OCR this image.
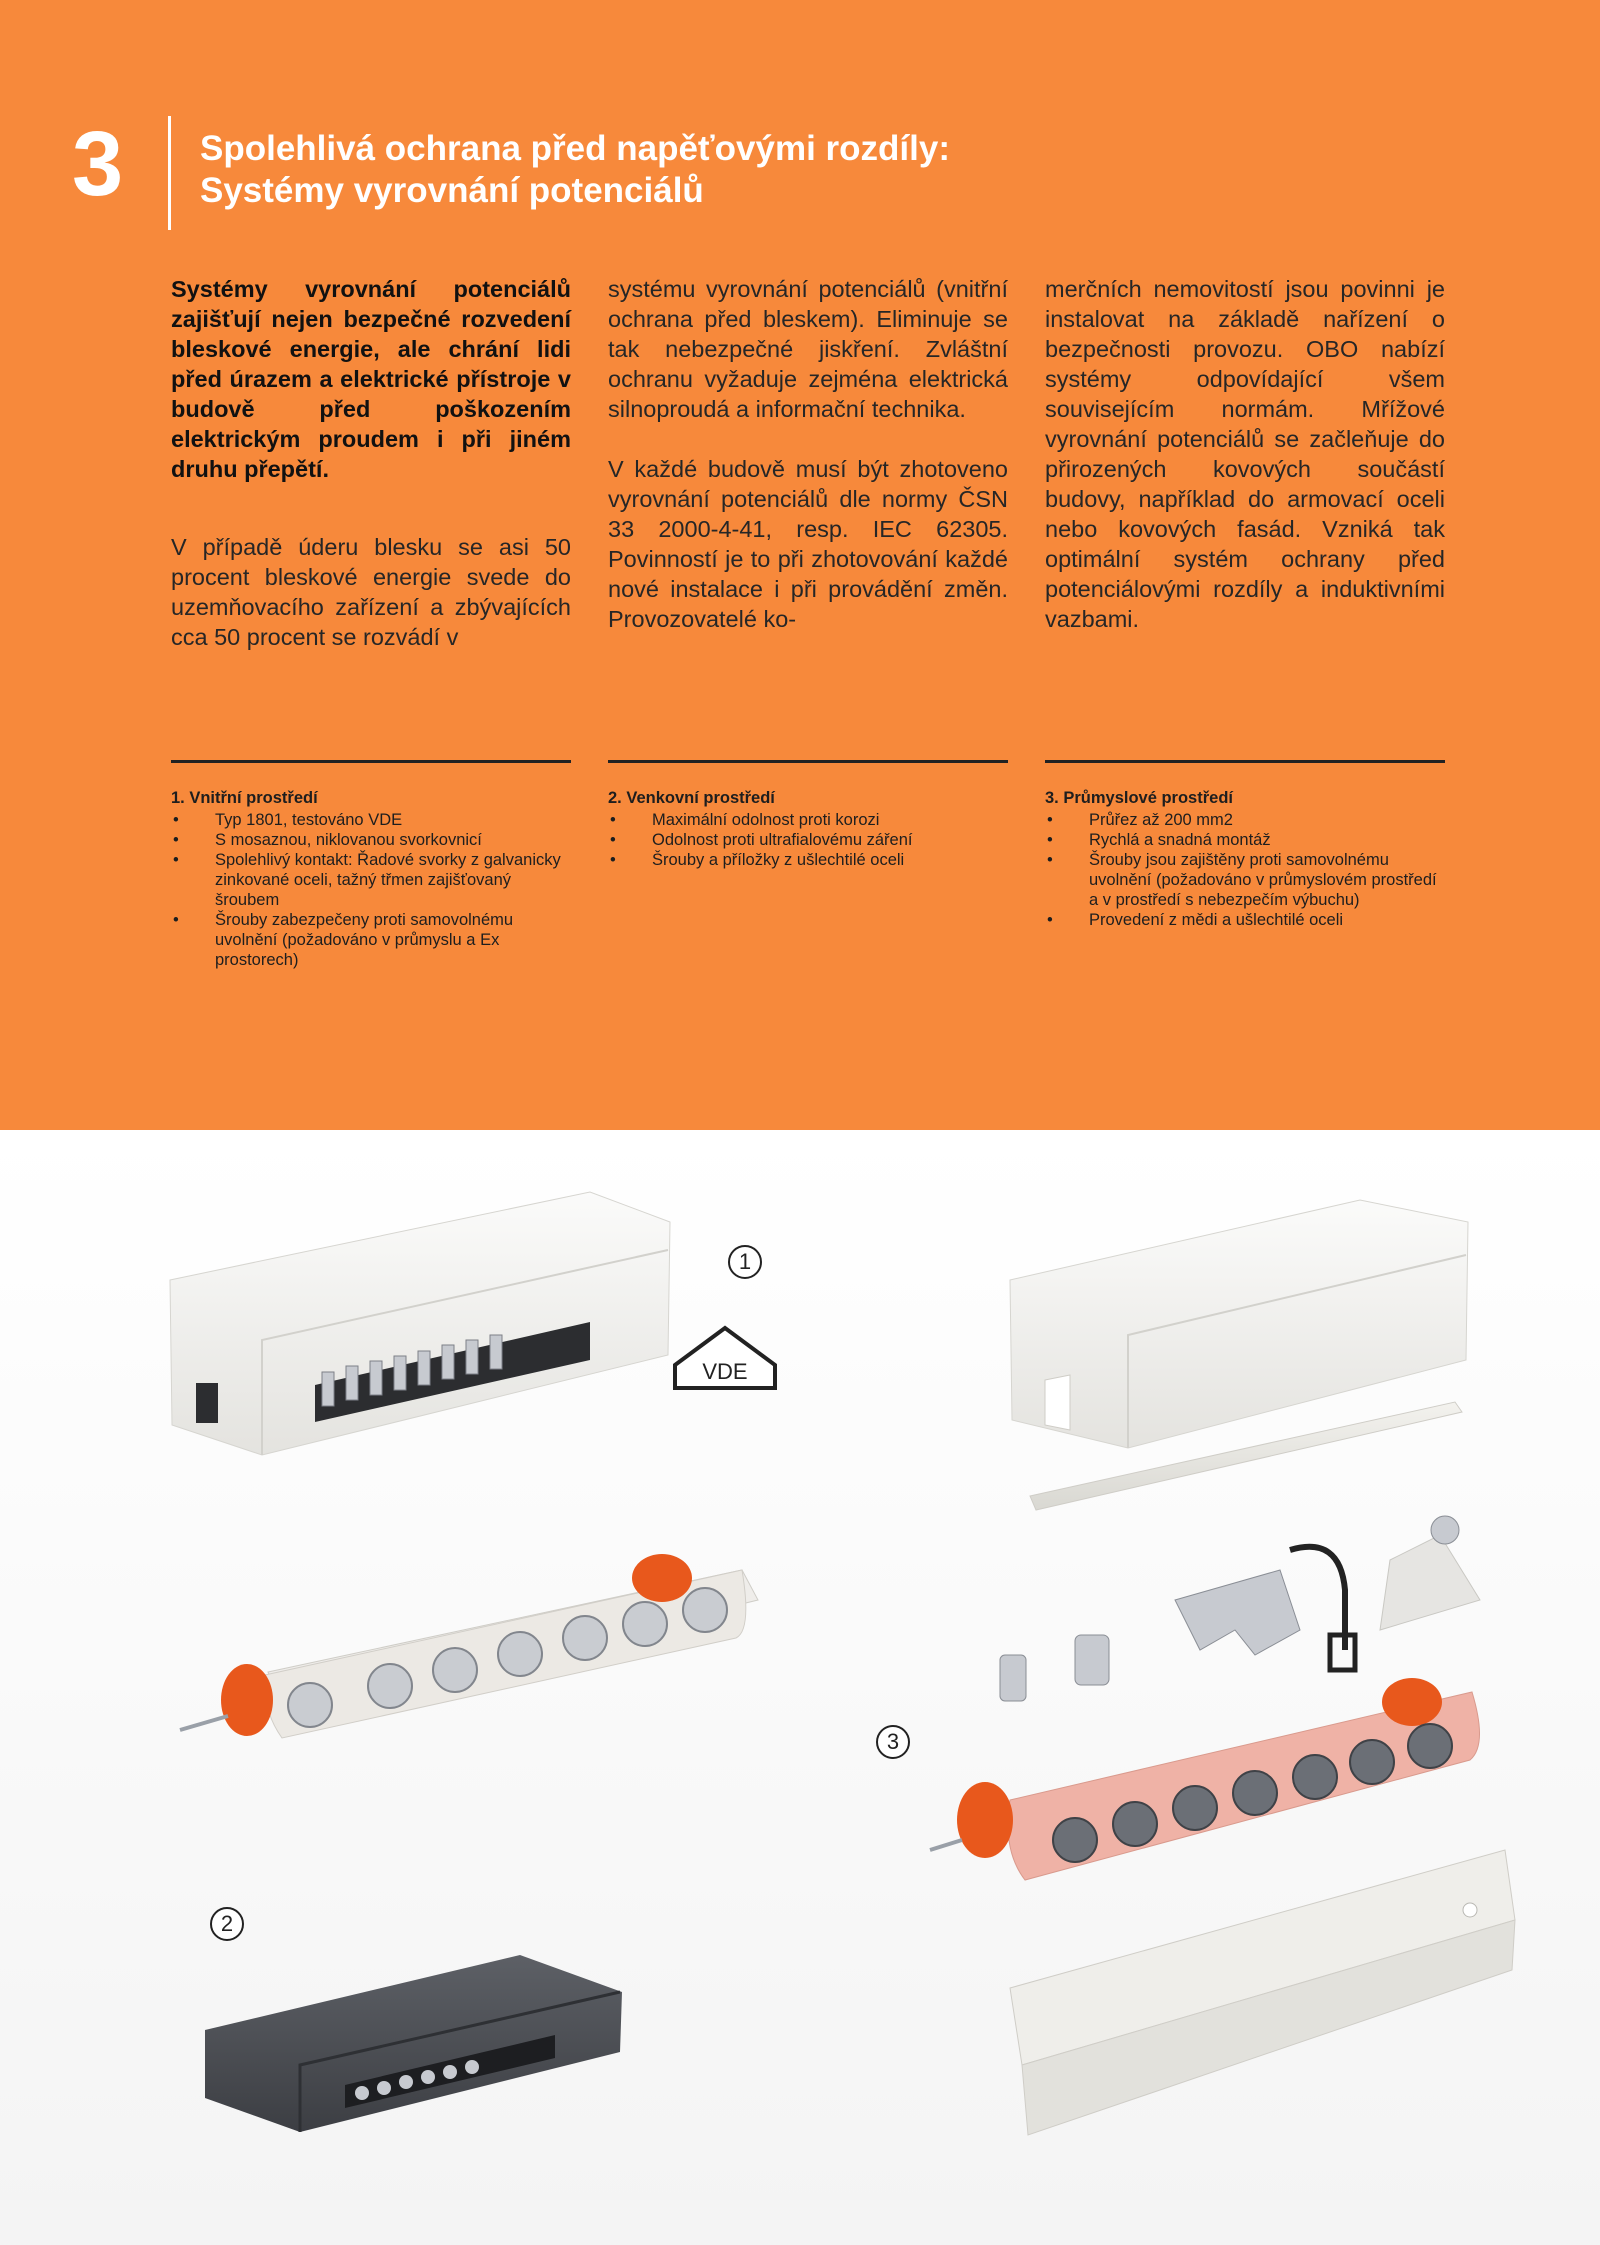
3 Spolehlivá ochrana před napěťovými rozdíly:
Systémy vyrovnání potenciálů

Systémy vyrovnání potenciálů zajišťují nejen bezpečné rozvedení bleskové energie, ale chrání lidi před úrazem a elektrické přístroje v budově před poškozením elektrickým proudem i při jiném druhu přepětí.

V případě úderu blesku se asi 50 procent bleskové energie svede do uzemňovacího zařízení a zbývajících cca 50 procent se rozvádí v

systému vyrovnání potenciálů (vnitřní ochrana před bleskem). Eliminuje se tak nebezpečné jiskření. Zvláštní ochranu vyžaduje zejména elektrická silnoproudá a informační technika.

V každé budově musí být zhotoveno vyrovnání potenciálů dle normy ČSN 33 2000-4-41, resp. IEC 62305. Povinností je to při zhotovování každé nové instalace i při provádění změn. Provozovatelé ko-

merčních nemovitostí jsou povinni je instalovat na základě nařízení o bezpečnosti provozu. OBO nabízí systémy odpovídající všem souvisejícím normám. Mřížové vyrovnání potenciálů se začleňuje do přirozených kovových součástí budovy, například do armovací oceli nebo kovových fasád. Vzniká tak optimální systém ochrany před potenciálovými rozdíly a induktivními vazbami.

1. Vnitřní prostředí
• Typ 1801, testováno VDE
• S mosaznou, niklovanou svorkovnicí
• Spolehlivý kontakt: Řadové svorky z galvanicky zinkované oceli, tažný třmen zajišťovaný šroubem
• Šrouby zabezpečeny proti samovolnému uvolnění (požadováno v průmyslu a Ex prostorech)
2. Venkovní prostředí
• Maximální odolnost proti korozi
• Odolnost proti ultrafialovému záření
• Šrouby a příložky z ušlechtilé oceli
3. Průmyslové prostředí
• Průřez až 200 mm2
• Rychlá a snadná montáž
• Šrouby jsou zajištěny proti samovolnému uvolnění (požadováno v průmyslovém prostředí a v prostředí s nebezpečím výbuchu)
• Provedení z mědi a ušlechtilé oceli
VDE
1
2
3
